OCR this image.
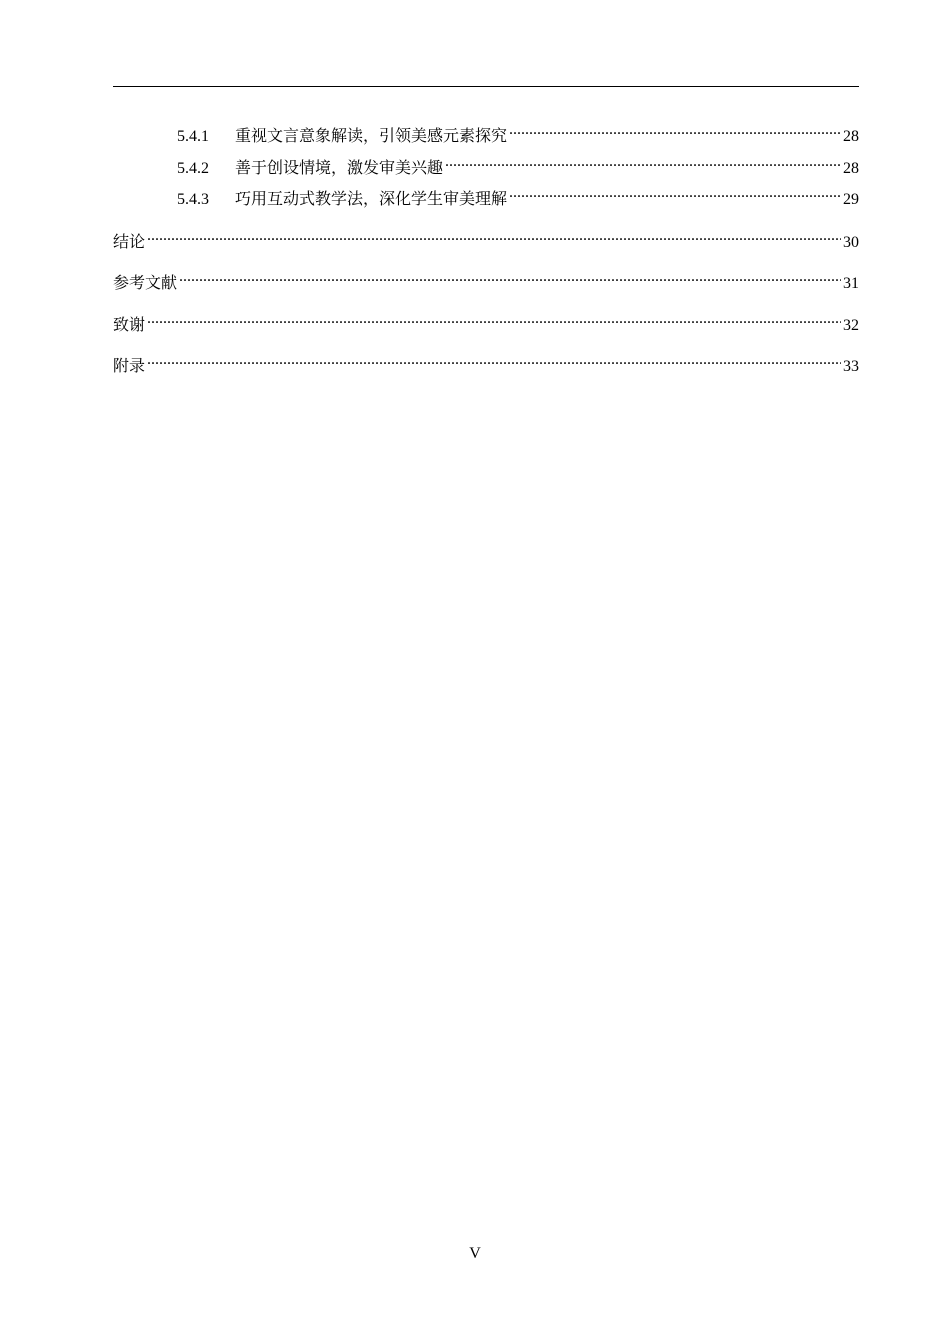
5.4.1	重视文言意象解读，引领美感元素探究 .....	28
5.4.2	善于创设情境，激发审美兴趣 .....	28
5.4.3	巧用互动式教学法，深化学生审美理解 .....	29
结论 .....	30
参考文献 .....	31
致谢 .....	32
附录 .....	33
V
